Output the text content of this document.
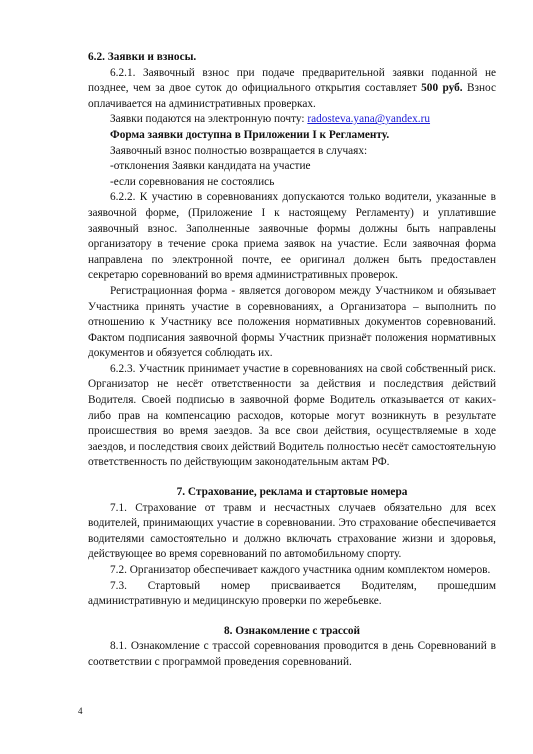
6.2. Заявки и взносы.

6.2.1. Заявочный взнос при подаче предварительной заявки поданной не позднее, чем за двое суток до официального открытия составляет 500 руб. Взнос оплачивается на административных проверках.

Заявки подаются на электронную почту: radosteva.yana@yandex.ru

Форма заявки доступна в Приложении I к Регламенту.

Заявочный взнос полностью возвращается в случаях:

-отклонения Заявки кандидата на участие

-если соревнования не состоялись

6.2.2. К участию в соревнованиях допускаются только водители, указанные в заявочной форме, (Приложение I к настоящему Регламенту) и уплатившие заявочный взнос. Заполненные заявочные формы должны быть направлены организатору в течение срока приема заявок на участие. Если заявочная форма направлена по электронной почте, ее оригинал должен быть предоставлен секретарю соревнований во время административных проверок.

Регистрационная форма - является договором между Участником и обязывает Участника принять участие в соревнованиях, а Организатора – выполнить по отношению к Участнику все положения нормативных документов соревнований. Фактом подписания заявочной формы Участник признаёт положения нормативных документов и обязуется соблюдать их.

6.2.3. Участник принимает участие в соревнованиях на свой собственный риск. Организатор не несёт ответственности за действия и последствия действий Водителя. Своей подписью в заявочной форме Водитель отказывается от каких-либо прав на компенсацию расходов, которые могут возникнуть в результате происшествия во время заездов. За все свои действия, осуществляемые в ходе заездов, и последствия своих действий Водитель полностью несёт самостоятельную ответственность по действующим законодательным актам РФ.

7. Страхование, реклама и стартовые номера

7.1. Страхование от травм и несчастных случаев обязательно для всех водителей, принимающих участие в соревновании. Это страхование обеспечивается водителями самостоятельно и должно включать страхование жизни и здоровья, действующее во время соревнований по автомобильному спорту.

7.2. Организатор обеспечивает каждого участника одним комплектом номеров.

7.3. Стартовый номер присваивается Водителям, прошедшим административную и медицинскую проверки по жеребьевке.

8. Ознакомление с трассой

8.1. Ознакомление с трассой соревнования проводится в день Соревнований в соответствии с программой проведения соревнований.

4
